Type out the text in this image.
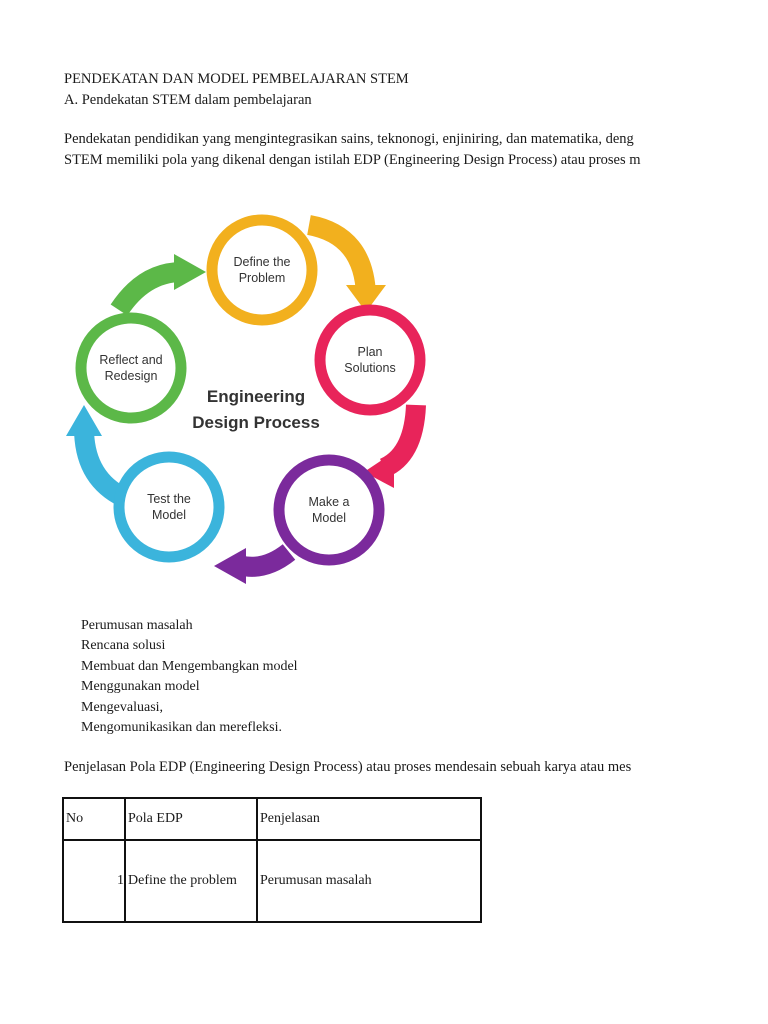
PENDEKATAN DAN MODEL PEMBELAJARAN STEM
A. Pendekatan STEM dalam pembelajaran
Pendekatan pendidikan yang mengintegrasikan sains, teknonogi, enjiniring, dan matematika, deng
STEM memiliki pola yang dikenal dengan istilah EDP (Engineering Design Process) atau proses m
Define the
Problem
Plan
Solutions
Make a
Model
Test the
Model
Reflect and
Redesign
Engineering
Design Process
Perumusan masalah
Rencana solusi
Membuat dan Mengembangkan model
Menggunakan model
Mengevaluasi,
Mengomunikasikan dan merefleksi.
Penjelasan Pola EDP (Engineering Design Process) atau proses mendesain sebuah karya atau mes
No	Pola EDP	Penjelasan
1	Define the problem	Perumusan masalah
